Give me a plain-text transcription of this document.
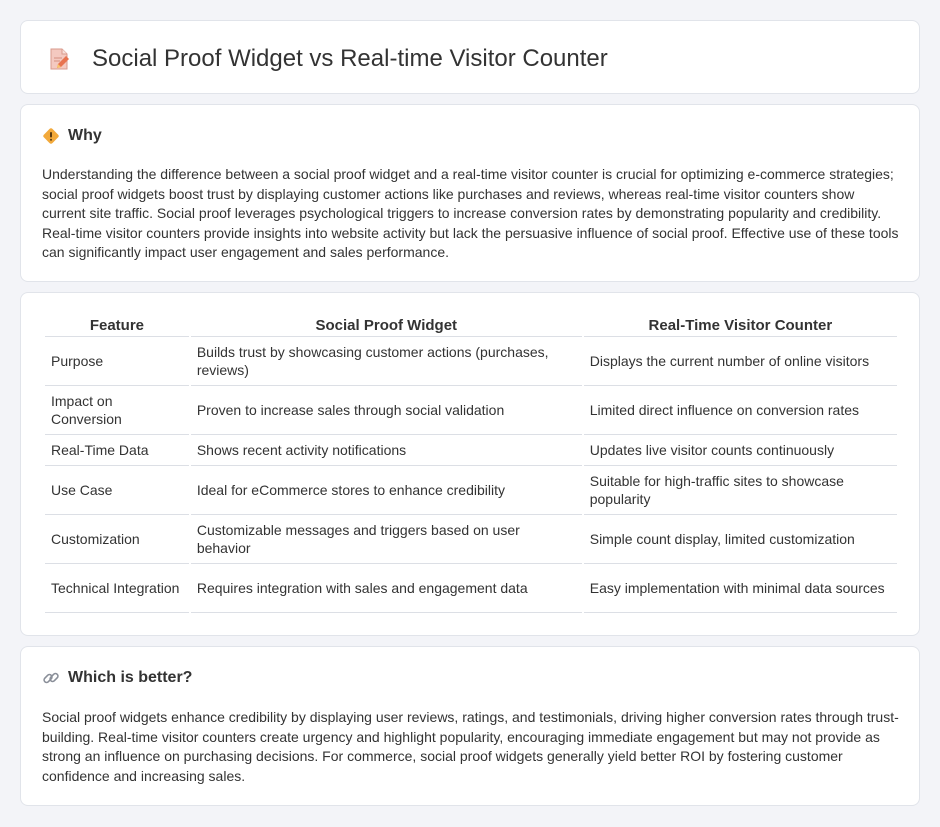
Social Proof Widget vs Real-time Visitor Counter
Why

Understanding the difference between a social proof widget and a real-time visitor counter is crucial for optimizing e-commerce strategies; social proof widgets boost trust by displaying customer actions like purchases and reviews, whereas real-time visitor counters show current site traffic. Social proof leverages psychological triggers to increase conversion rates by demonstrating popularity and credibility. Real-time visitor counters provide insights into website activity but lack the persuasive influence of social proof. Effective use of these tools can significantly impact user engagement and sales performance.

Feature	Social Proof Widget	Real-Time Visitor Counter
Purpose	Builds trust by showcasing customer actions (purchases, reviews)	Displays the current number of online visitors
Impact on Conversion	Proven to increase sales through social validation	Limited direct influence on conversion rates
Real-Time Data	Shows recent activity notifications	Updates live visitor counts continuously
Use Case	Ideal for eCommerce stores to enhance credibility	Suitable for high-traffic sites to showcase popularity
Customization	Customizable messages and triggers based on user behavior	Simple count display, limited customization
Technical Integration	Requires integration with sales and engagement data	Easy implementation with minimal data sources
Which is better?

Social proof widgets enhance credibility by displaying user reviews, ratings, and testimonials, driving higher conversion rates through trust-building. Real-time visitor counters create urgency and highlight popularity, encouraging immediate engagement but may not provide as strong an influence on purchasing decisions. For commerce, social proof widgets generally yield better ROI by fostering customer confidence and increasing sales.
